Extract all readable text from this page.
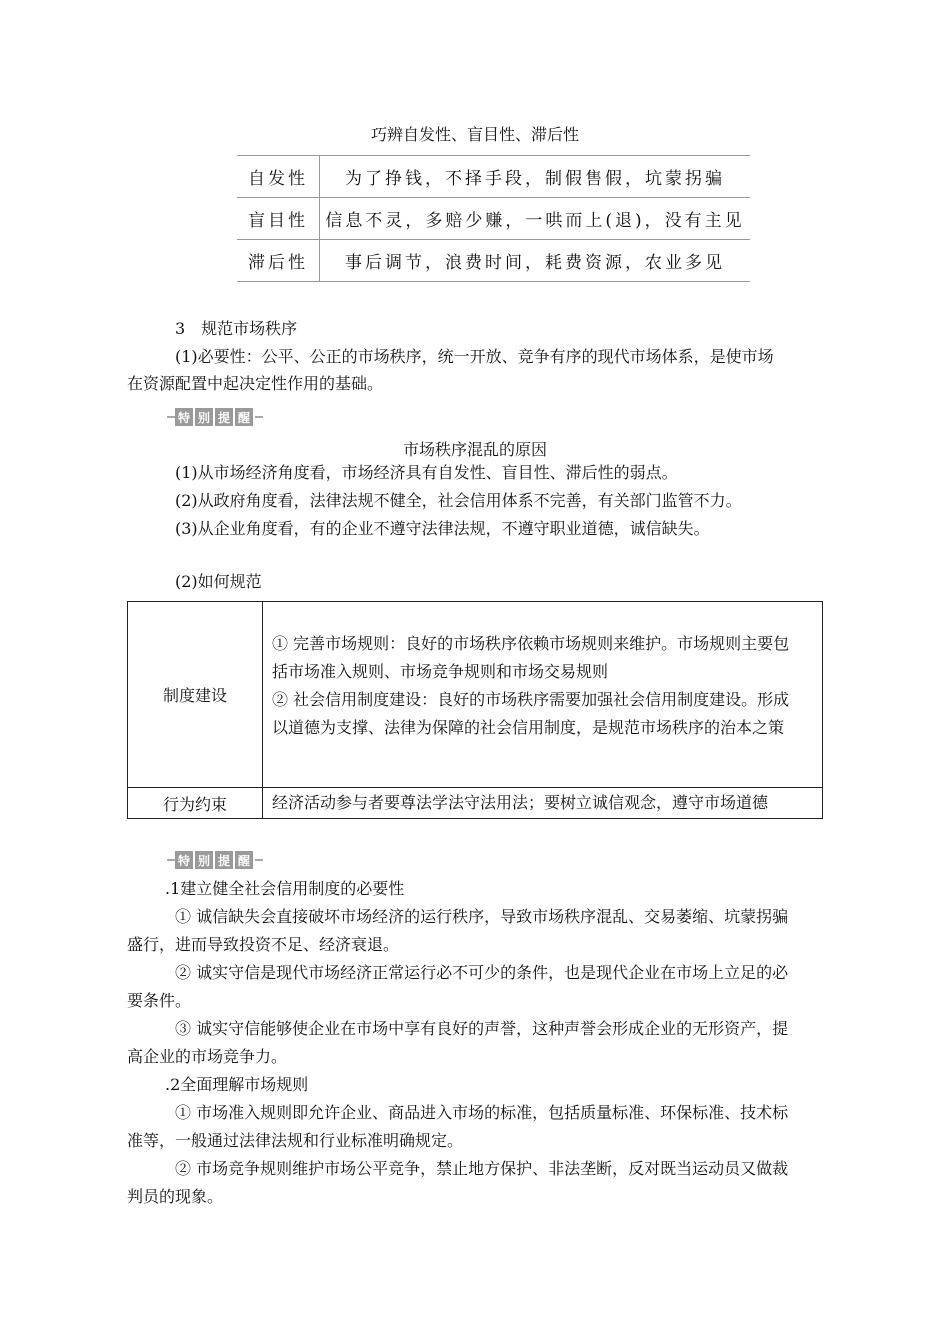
巧辨自发性、盲目性、滞后性
自发性	为了挣钱，不择手段，制假售假，坑蒙拐骗
盲目性	信息不灵，多赔少赚，一哄而上(退)，没有主见
滞后性	事后调节，浪费时间，耗费资源，农业多见
3　规范市场秩序
(1)必要性：公平、公正的市场秩序，统一开放、竞争有序的现代市场体系，是使市场
在资源配置中起决定性作用的基础。
特 别 提 醒
市场秩序混乱的原因
(1)从市场经济角度看，市场经济具有自发性、盲目性、滞后性的弱点。
(2)从政府角度看，法律法规不健全，社会信用体系不完善，有关部门监管不力。
(3)从企业角度看，有的企业不遵守法律法规，不遵守职业道德，诚信缺失。
(2)如何规范
制度建设	① 完善市场规则：良好的市场秩序依赖市场规则来维护。市场规则主要包
括市场准入规则、市场竞争规则和市场交易规则
② 社会信用制度建设：良好的市场秩序需要加强社会信用制度建设。形成
以道德为支撑、法律为保障的社会信用制度，是规范市场秩序的治本之策

行为约束	经济活动参与者要尊法学法守法用法；要树立诚信观念，遵守市场道德
特 别 提 醒
.1建立健全社会信用制度的必要性
① 诚信缺失会直接破坏市场经济的运行秩序，导致市场秩序混乱、交易萎缩、坑蒙拐骗
盛行，进而导致投资不足、经济衰退。
② 诚实守信是现代市场经济正常运行必不可少的条件，也是现代企业在市场上立足的必
要条件。
③ 诚实守信能够使企业在市场中享有良好的声誉，这种声誉会形成企业的无形资产，提
高企业的市场竞争力。
.2全面理解市场规则
① 市场准入规则即允许企业、商品进入市场的标准，包括质量标准、环保标准、技术标
准等，一般通过法律法规和行业标准明确规定。
② 市场竞争规则维护市场公平竞争，禁止地方保护、非法垄断，反对既当运动员又做裁
判员的现象。
